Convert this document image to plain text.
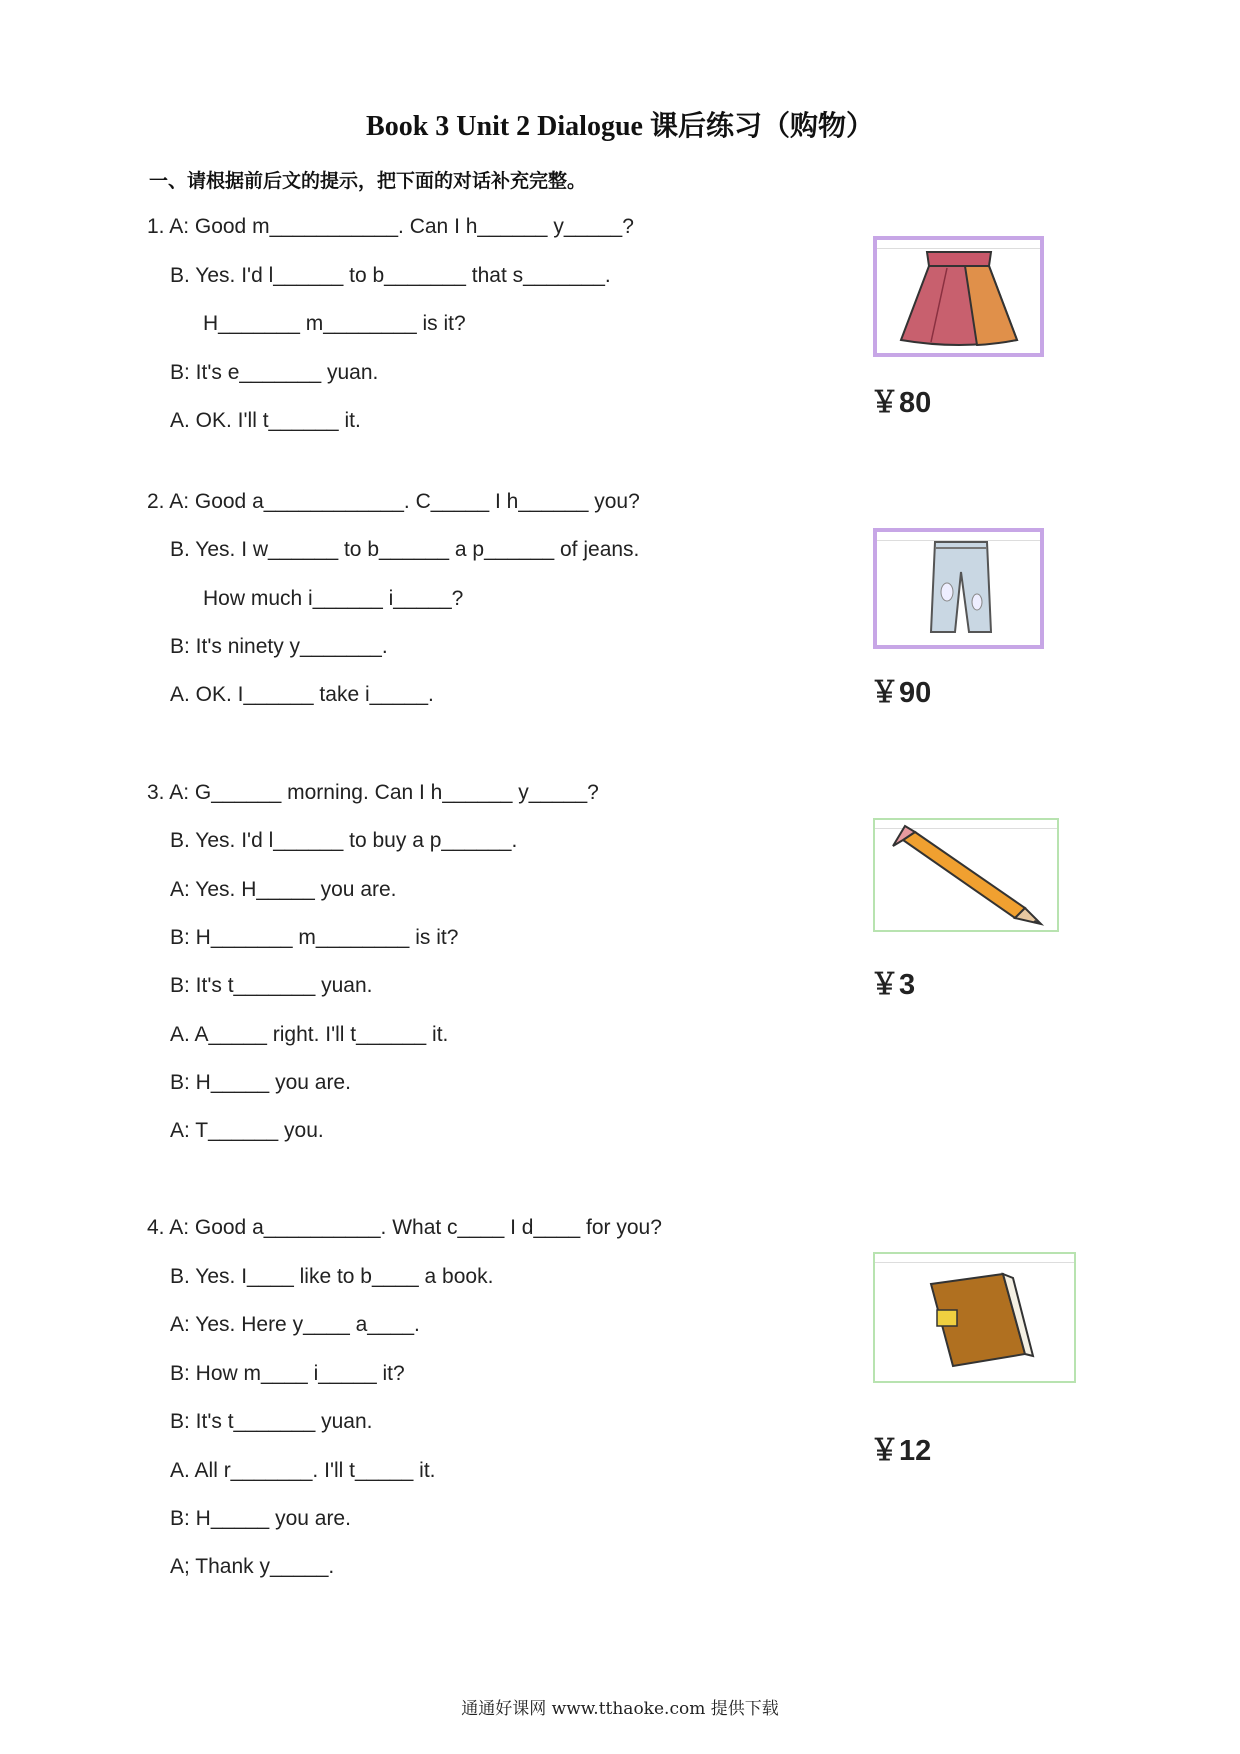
Book 3 Unit 2 Dialogue 课后练习（购物）
一、请根据前后文的提示，把下面的对话补充完整。
1. A: Good m___________. Can I h______ y_____?
B. Yes. I'd l______ to b_______ that s_______.
H_______ m________ is it?
B: It's e_______ yuan.
A. OK. I'll t______ it.
￥80
2. A: Good a____________. C_____ I h______ you?
B. Yes. I w______ to b______ a p______ of jeans.
How much i______ i_____?
B: It's ninety y_______.
A. OK. I______ take i_____.	￥90
3. A: G______ morning. Can I h______ y_____?
B. Yes. I'd l______ to buy a p______.
A: Yes. H_____ you are.
B: H_______ m________ is it?
B: It's t_______ yuan.
A. A_____ right. I'll t______ it.
B: H_____ you are.
A: T______ you.
￥3
4. A: Good a__________. What c____ I d____ for you?
B. Yes. I____ like to b____ a book.
A: Yes. Here y____ a____.
B: How m____ i_____ it?
B: It's t_______ yuan.
A. All r_______. I'll t_____ it.
B: H_____ you are.
A; Thank y_____.
￥12
通通好课网 www.tthaoke.com 提供下载
